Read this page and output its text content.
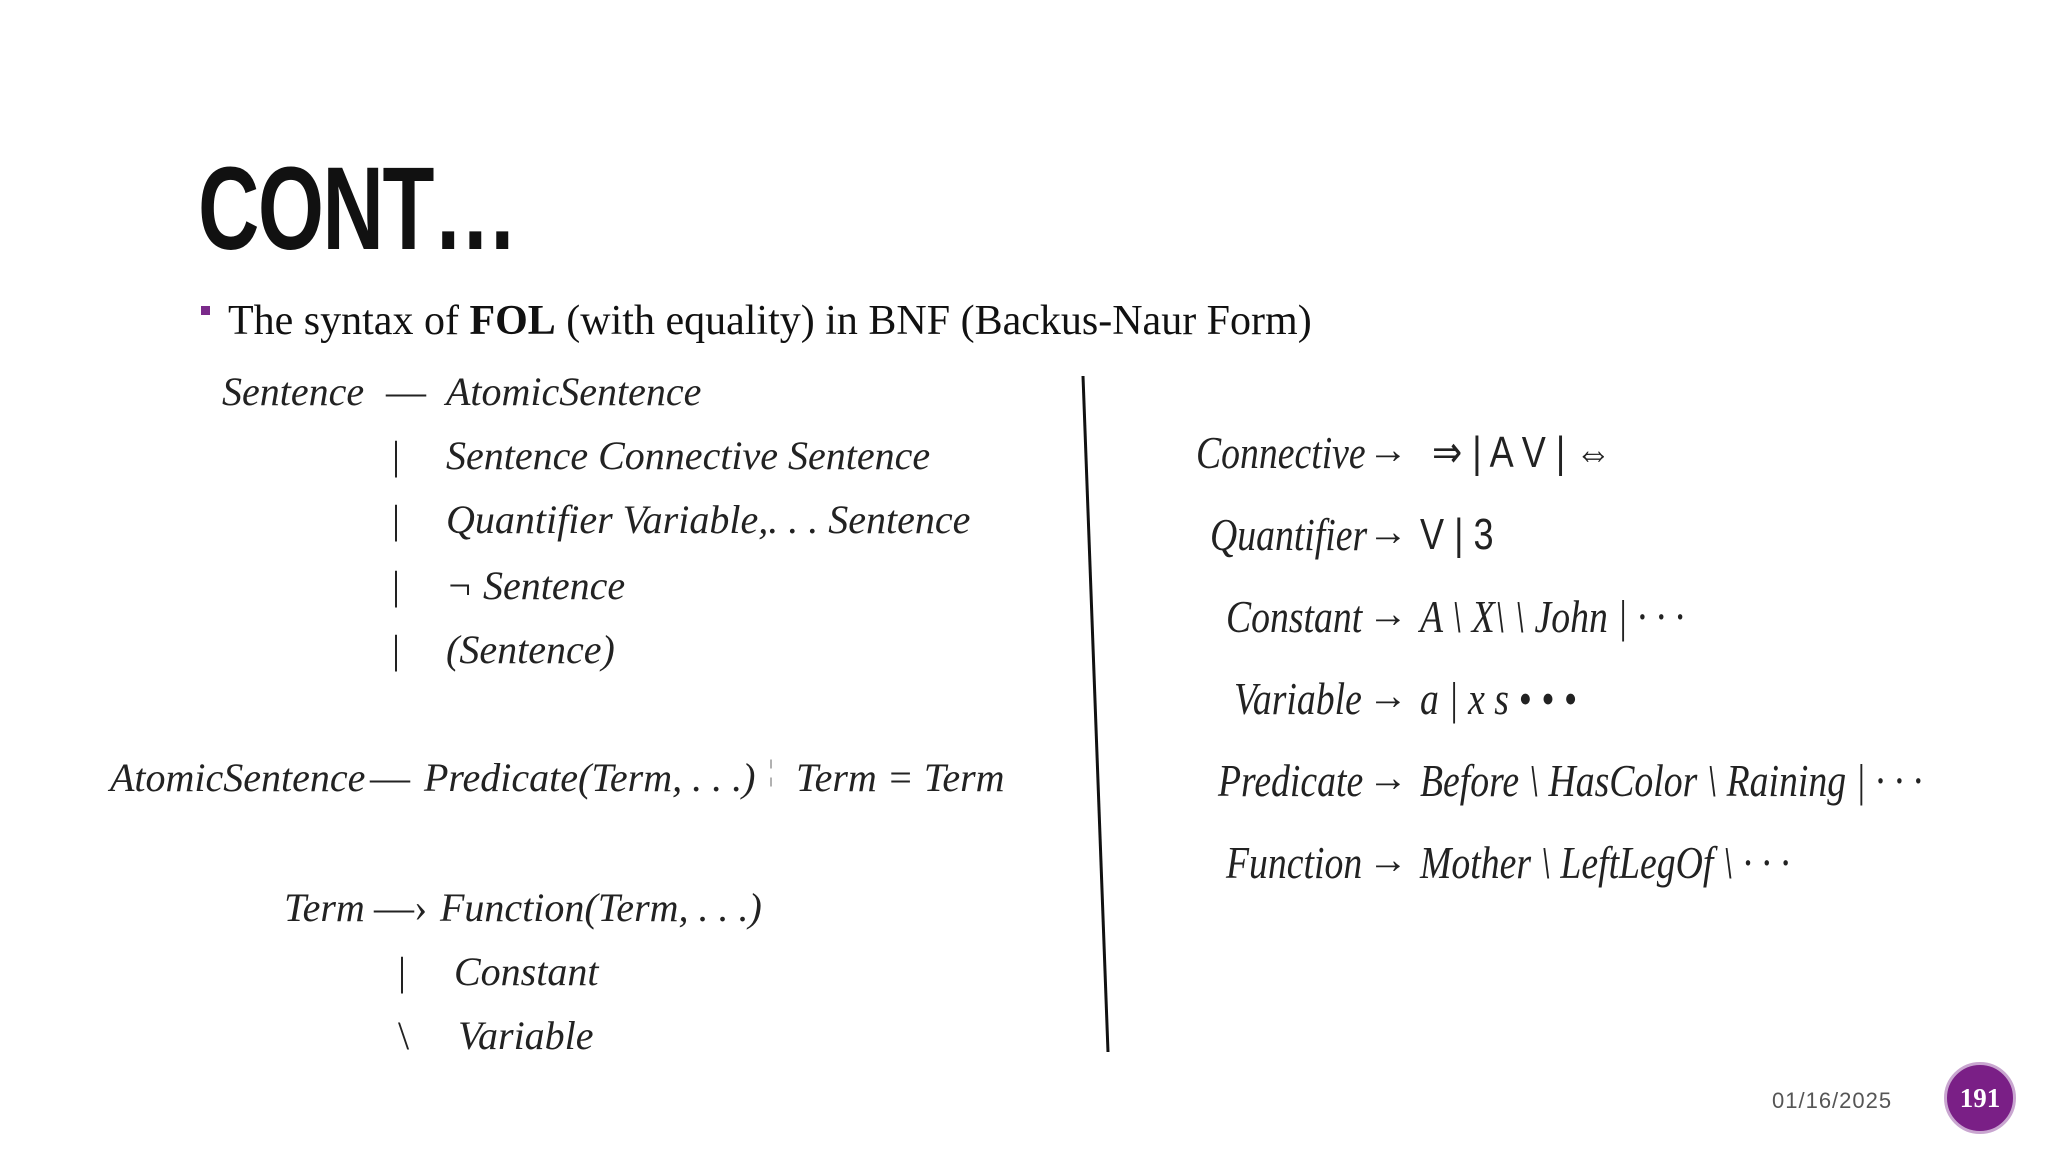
CONT…
The syntax of FOL (with equality) in BNF (Backus-Naur Form)
Sentence — AtomicSentence
| Sentence Connective Sentence
| Quantifier Variable,. . . Sentence
| ¬ Sentence
| (Sentence)
AtomicSentence — Predicate(Term, . . .) ¦ Term = Term
Term —› Function(Term, . . .)
| Constant
\ Variable
Connective → ⇒ | A V | ⇔
Quantifier → V | 3
Constant → A \ X\ \ John | · · ·
Variable → a | x s • • •
Predicate → Before \ HasColor \ Raining | · · ·
Function → Mother \ LeftLegOf \ · · ·
01/16/2025	191
